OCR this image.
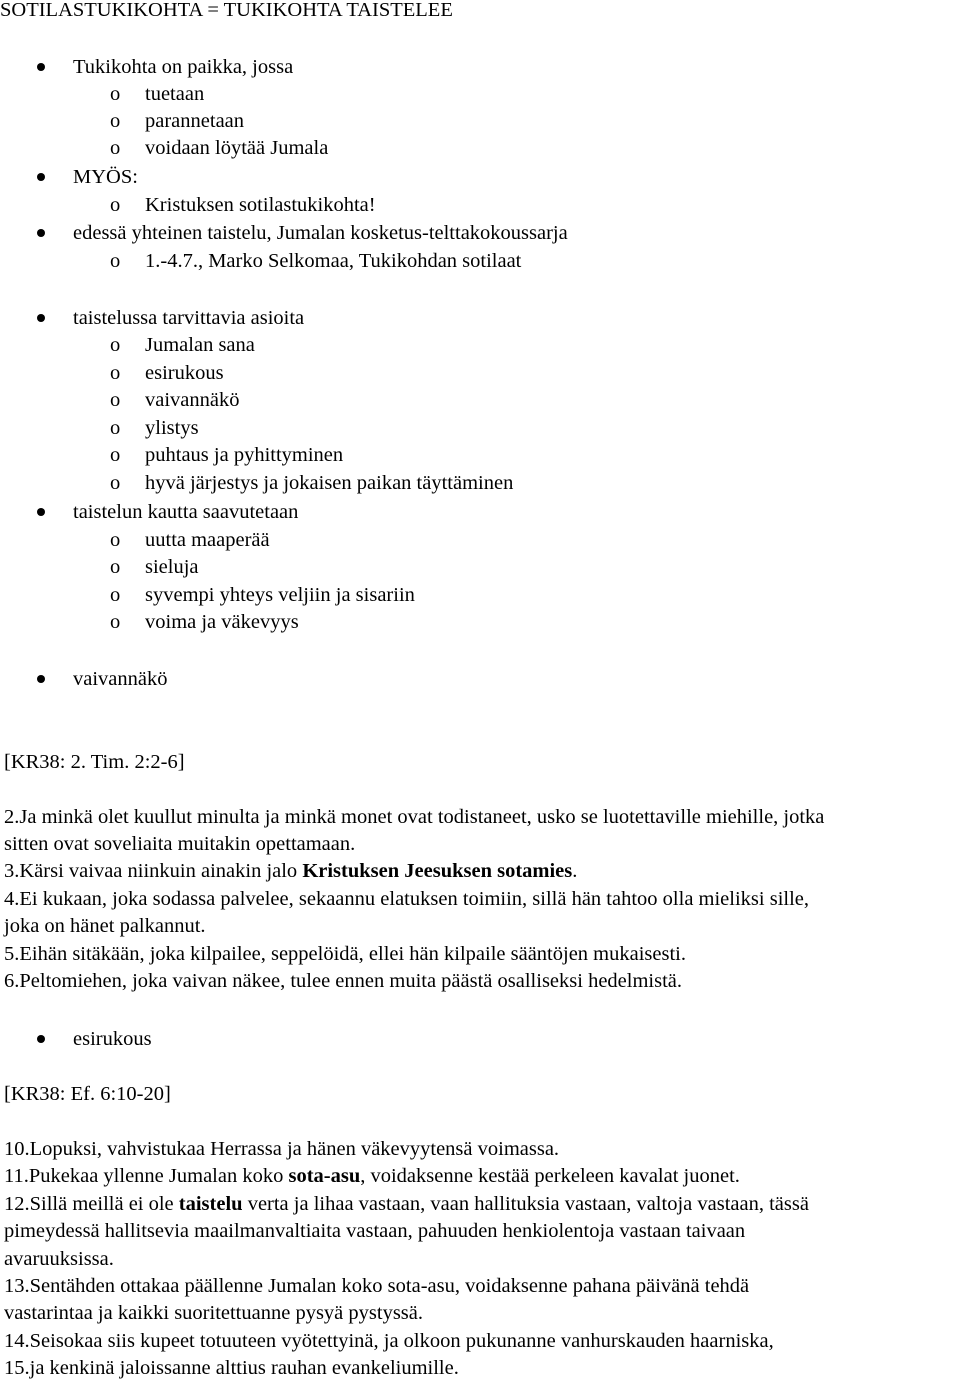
SOTILASTUKIKOHTA = TUKIKOHTA TAISTELEE
Tukikohta on paikka, jossa
o tuetaan
o parannetaan
o voidaan löytää Jumala
MYÖS:
o Kristuksen sotilastukikohta!
edessä yhteinen taistelu, Jumalan kosketus-telttakokoussarja
o 1.-4.7., Marko Selkomaa, Tukikohdan sotilaat
taistelussa tarvittavia asioita
o Jumalan sana
o esirukous
o vaivannäkö
o ylistys
o puhtaus ja pyhittyminen
o hyvä järjestys ja jokaisen paikan täyttäminen
taistelun kautta saavutetaan
o uutta maaperää
o sieluja
o syvempi yhteys veljiin ja sisariin
o voima ja väkevyys
vaivannäkö
[KR38: 2. Tim. 2:2-6]
2.Ja minkä olet kuullut minulta ja minkä monet ovat todistaneet, usko se luotettaville miehille, jotka
sitten ovat soveliaita muitakin opettamaan.
3.Kärsi vaivaa niinkuin ainakin jalo Kristuksen Jeesuksen sotamies.
4.Ei kukaan, joka sodassa palvelee, sekaannu elatuksen toimiin, sillä hän tahtoo olla mieliksi sille,
joka on hänet palkannut.
5.Eihän sitäkään, joka kilpailee, seppelöidä, ellei hän kilpaile sääntöjen mukaisesti.
6.Peltomiehen, joka vaivan näkee, tulee ennen muita päästä osalliseksi hedelmistä.
esirukous
[KR38: Ef. 6:10-20]
10.Lopuksi, vahvistukaa Herrassa ja hänen väkevyytensä voimassa.
11.Pukekaa yllenne Jumalan koko sota-asu, voidaksenne kestää perkeleen kavalat juonet.
12.Sillä meillä ei ole taistelu verta ja lihaa vastaan, vaan hallituksia vastaan, valtoja vastaan, tässä
pimeydessä hallitsevia maailmanvaltiaita vastaan, pahuuden henkiolentoja vastaan taivaan
avaruuksissa.
13.Sentähden ottakaa päällenne Jumalan koko sota-asu, voidaksenne pahana päivänä tehdä
vastarintaa ja kaikki suoritettuanne pysyä pystyssä.
14.Seisokaa siis kupeet totuuteen vyötettyinä, ja olkoon pukunanne vanhurskauden haarniska,
15.ja kenkinä jaloissanne alttius rauhan evankeliumille.
